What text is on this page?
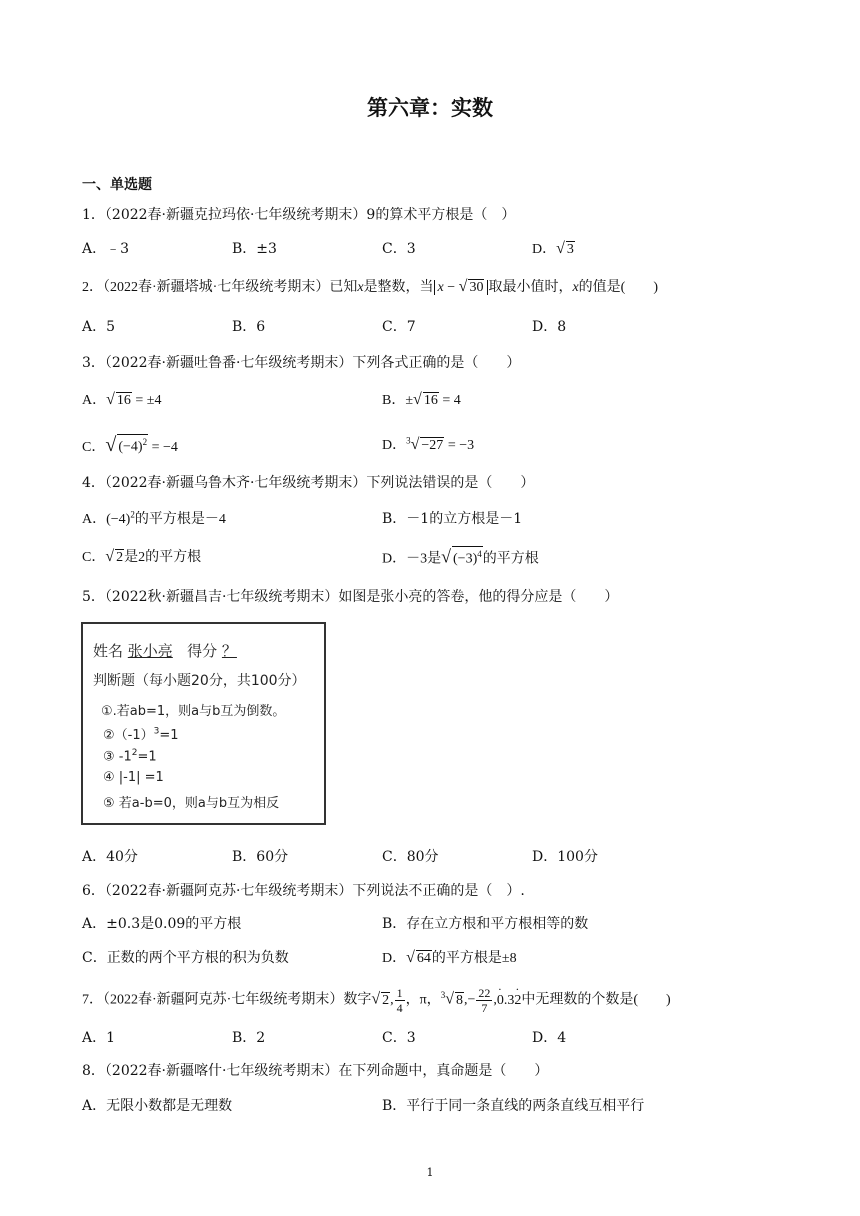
第六章：实数
一、单选题
1．（2022春·新疆克拉玛依·七年级统考期末）9的算术平方根是（　）
A．﹣3	B．±3	C．3	D．√ 3
2．（2022春·新疆塔城·七年级统考期末）已知x是整数，当 x − √ 30 取最小值时，x的值是(　　)
A．5	B．6	C．7	D．8
3．（2022春·新疆吐鲁番·七年级统考期末）下列各式正确的是（　　）
A．√ 16 = ±4	B．±√ 16 = 4
C．√ $(-4)^2 = -4$	D．$^3$√ −27 = −3
4．（2022春·新疆乌鲁木齐·七年级统考期末）下列说法错误的是（　　）
A．$(-4)^2$的平方根是－4	B．－1的立方根是－1
C．√ 2是2的平方根	D．－3是√ $(-3)^4$的平方根
5．（2022秋·新疆昌吉·七年级统考期末）如图是张小亮的答卷，他的得分应是（　　）
姓名 张小亮 得分 ？
判断题（每小题20分，共100分）
①.若ab=1，则a与b互为倒数。
$②(-1)^3=1$
③ $-1^2=1$
④ |-1| =1
⑤ 若a-b=0，则a与b互为相反
A．40分	B．60分	C．80分	D．100分
6．（2022春·新疆阿克苏·七年级统考期末）下列说法不正确的是（　）.
A．±0.3是0.09的平方根	B．存在立方根和平方根相等的数
C．正数的两个平方根的积为负数	D．√ 64的平方根是±8
7．（2022春·新疆阿克苏·七年级统考期末）数字√ 2, $\frac{1}{4}$ ，π，$^3$√ $8,- \frac{22}{7} ,0.3 \cdot 2$ ·中无理数的个数是(　　)
A．1	B．2	C．3	D．4
8．（2022春·新疆喀什·七年级统考期末）在下列命题中，真命题是（　　）
A．无限小数都是无理数	B．平行于同一条直线的两条直线互相平行
1
